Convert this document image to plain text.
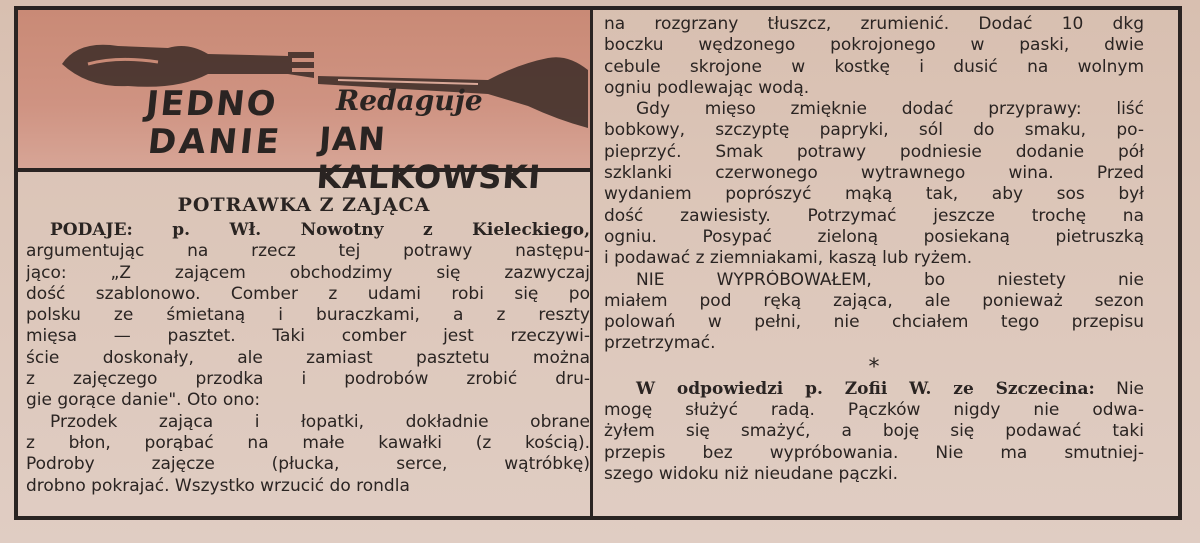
JEDNO Redaguje
DANIE JAN KALKOWSKI
POTRAWKA Z ZAJĄCA
PODAJE: p. Wł. Nowotny z Kieleckiego,
argumentując na rzecz tej potrawy następu-
jąco: „Z zającem obchodzimy się zazwyczaj
dość szablonowo. Comber z udami robi się po
polsku ze śmietaną i buraczkami, a z reszty
mięsa — pasztet. Taki comber jest rzeczywi-
ście doskonały, ale zamiast pasztetu można
z zajęczego przodka i podrobów zrobić dru-
gie gorące danie". Oto ono:
Przodek zająca i łopatki, dokładnie obrane
z błon, porąbać na małe kawałki (z kością).
Podroby zajęcze (płucka, serce, wątróbkę)
drobno pokrajać. Wszystko wrzucić do rondla
na rozgrzany tłuszcz, zrumienić. Dodać 10 dkg
boczku wędzonego pokrojonego w paski, dwie
cebule skrojone w kostkę i dusić na wolnym
ogniu podlewając wodą.
Gdy mięso zmięknie dodać przyprawy: liść
bobkowy, szczyptę papryki, sól do smaku, po-
pieprzyć. Smak potrawy podniesie dodanie pół
szklanki czerwonego wytrawnego wina. Przed
wydaniem poprószyć mąką tak, aby sos był
dość zawiesisty. Potrzymać jeszcze trochę na
ogniu. Posypać zieloną posiekaną pietruszką
i podawać z ziemniakami, kaszą lub ryżem.
NIE WYPRÓBOWAŁEM, bo niestety nie
miałem pod ręką zająca, ale ponieważ sezon
polowań w pełni, nie chciałem tego przepisu
przetrzymać.
*
W odpowiedzi p. Zofii W. ze Szczecina: Nie
mogę służyć radą. Pączków nigdy nie odwa-
żyłem się smażyć, a boję się podawać taki
przepis bez wypróbowania. Nie ma smutniej-
szego widoku niż nieudane pączki.
